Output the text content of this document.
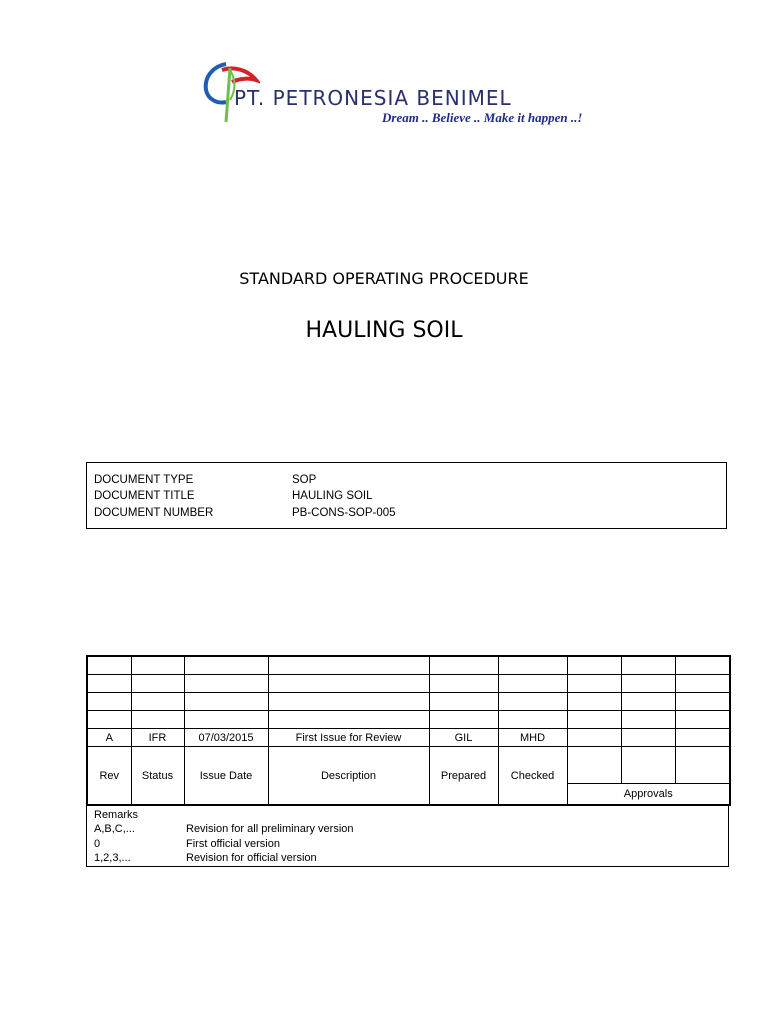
PT. PETRONESIA BENIMEL
Dream .. Believe .. Make it happen ..!
STANDARD OPERATING PROCEDURE
HAULING SOIL
DOCUMENT TYPE	SOP
DOCUMENT TITLE	HAULING SOIL
DOCUMENT NUMBER	PB-CONS-SOP-005

A	IFR	07/03/2015	First Issue for Review	GIL	MHD			
Rev	Status	Issue Date	Description	Prepared	Checked			
						Approvals		
Remarks
A,B,C,...	Revision for all preliminary version
0	First official version
1,2,3,...	Revision for official version
